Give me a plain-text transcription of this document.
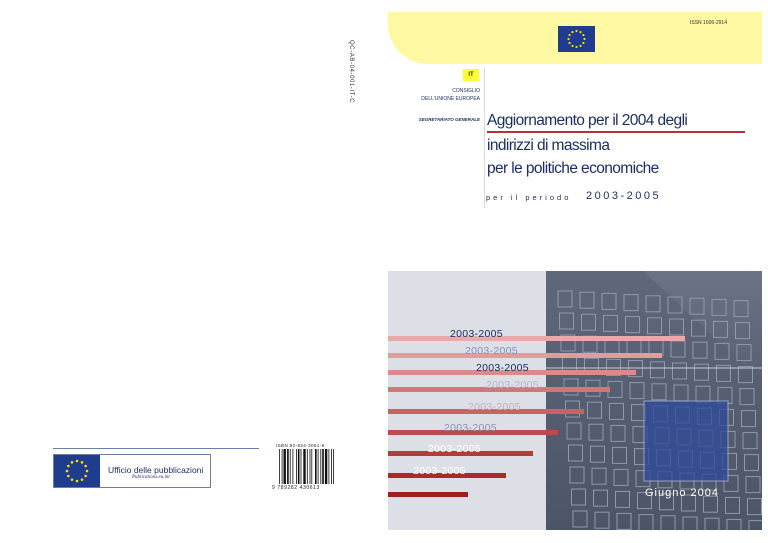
QC-AB-04-001-IT-C
Ufficio delle pubblicazioni
Publications.eu.int
ISBN 92-824-3061-8
9 789282 430613
ISSN 1606-2914
IT
CONSIGLIO
DELL'UNIONE EUROPEA
SEGRETARIATO GENERALE Aggiornamento per il 2004 degli
indirizzi di massima
per le politiche economiche
per il periodo 2003-2005
2003-2005
2003-2005
2003-2005
2003-2005
2003-2005
2003-2005
2003-2005
2003-2005
Giugno 2004
